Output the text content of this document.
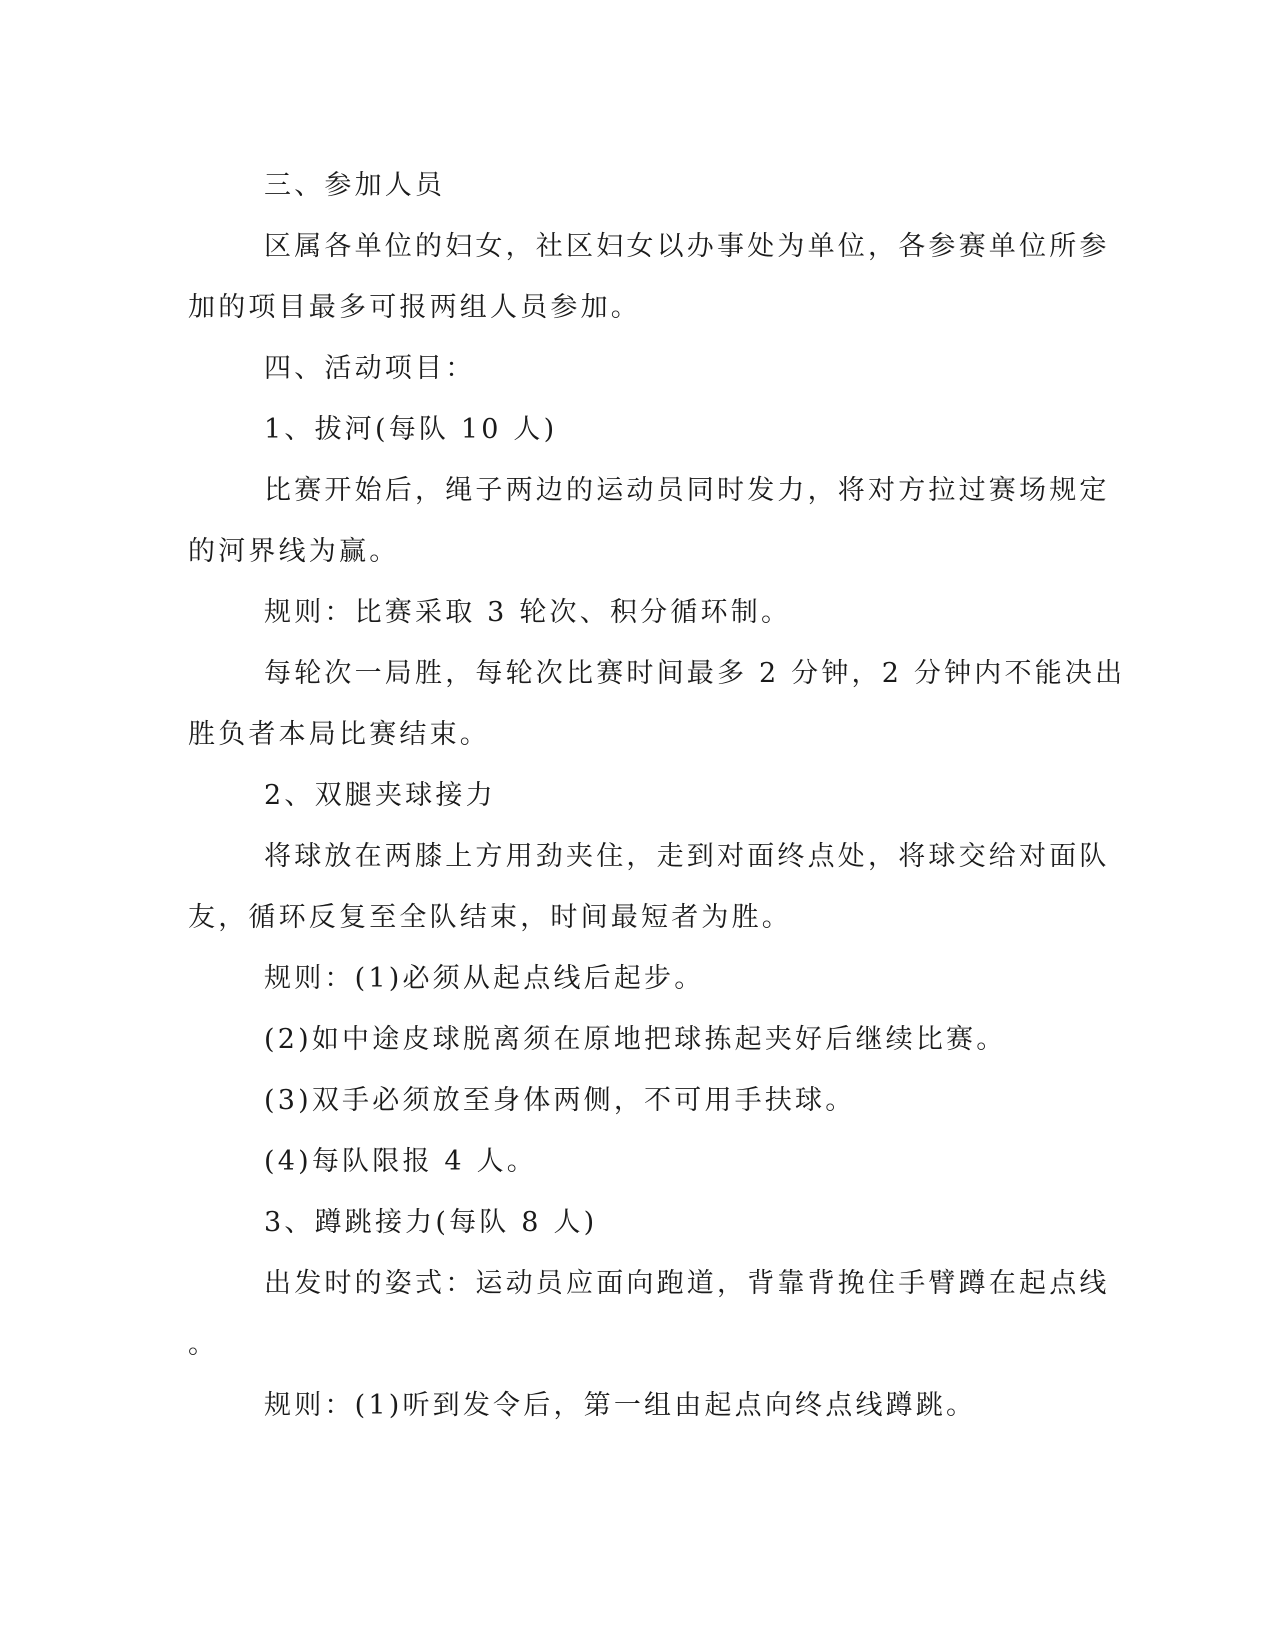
三、参加人员
区属各单位的妇女，社区妇女以办事处为单位，各参赛单位所参
加的项目最多可报两组人员参加。
四、活动项目：
1、拔河(每队 10 人)
比赛开始后，绳子两边的运动员同时发力，将对方拉过赛场规定
的河界线为赢。
规则：比赛采取 3 轮次、积分循环制。
每轮次一局胜，每轮次比赛时间最多 2 分钟，2 分钟内不能决出
胜负者本局比赛结束。
2、双腿夹球接力
将球放在两膝上方用劲夹住，走到对面终点处，将球交给对面队
友，循环反复至全队结束，时间最短者为胜。
规则：(1)必须从起点线后起步。
(2)如中途皮球脱离须在原地把球拣起夹好后继续比赛。
(3)双手必须放至身体两侧，不可用手扶球。
(4)每队限报 4 人。
3、蹲跳接力(每队 8 人)
出发时的姿式：运动员应面向跑道，背靠背挽住手臂蹲在起点线
。
规则：(1)听到发令后，第一组由起点向终点线蹲跳。
